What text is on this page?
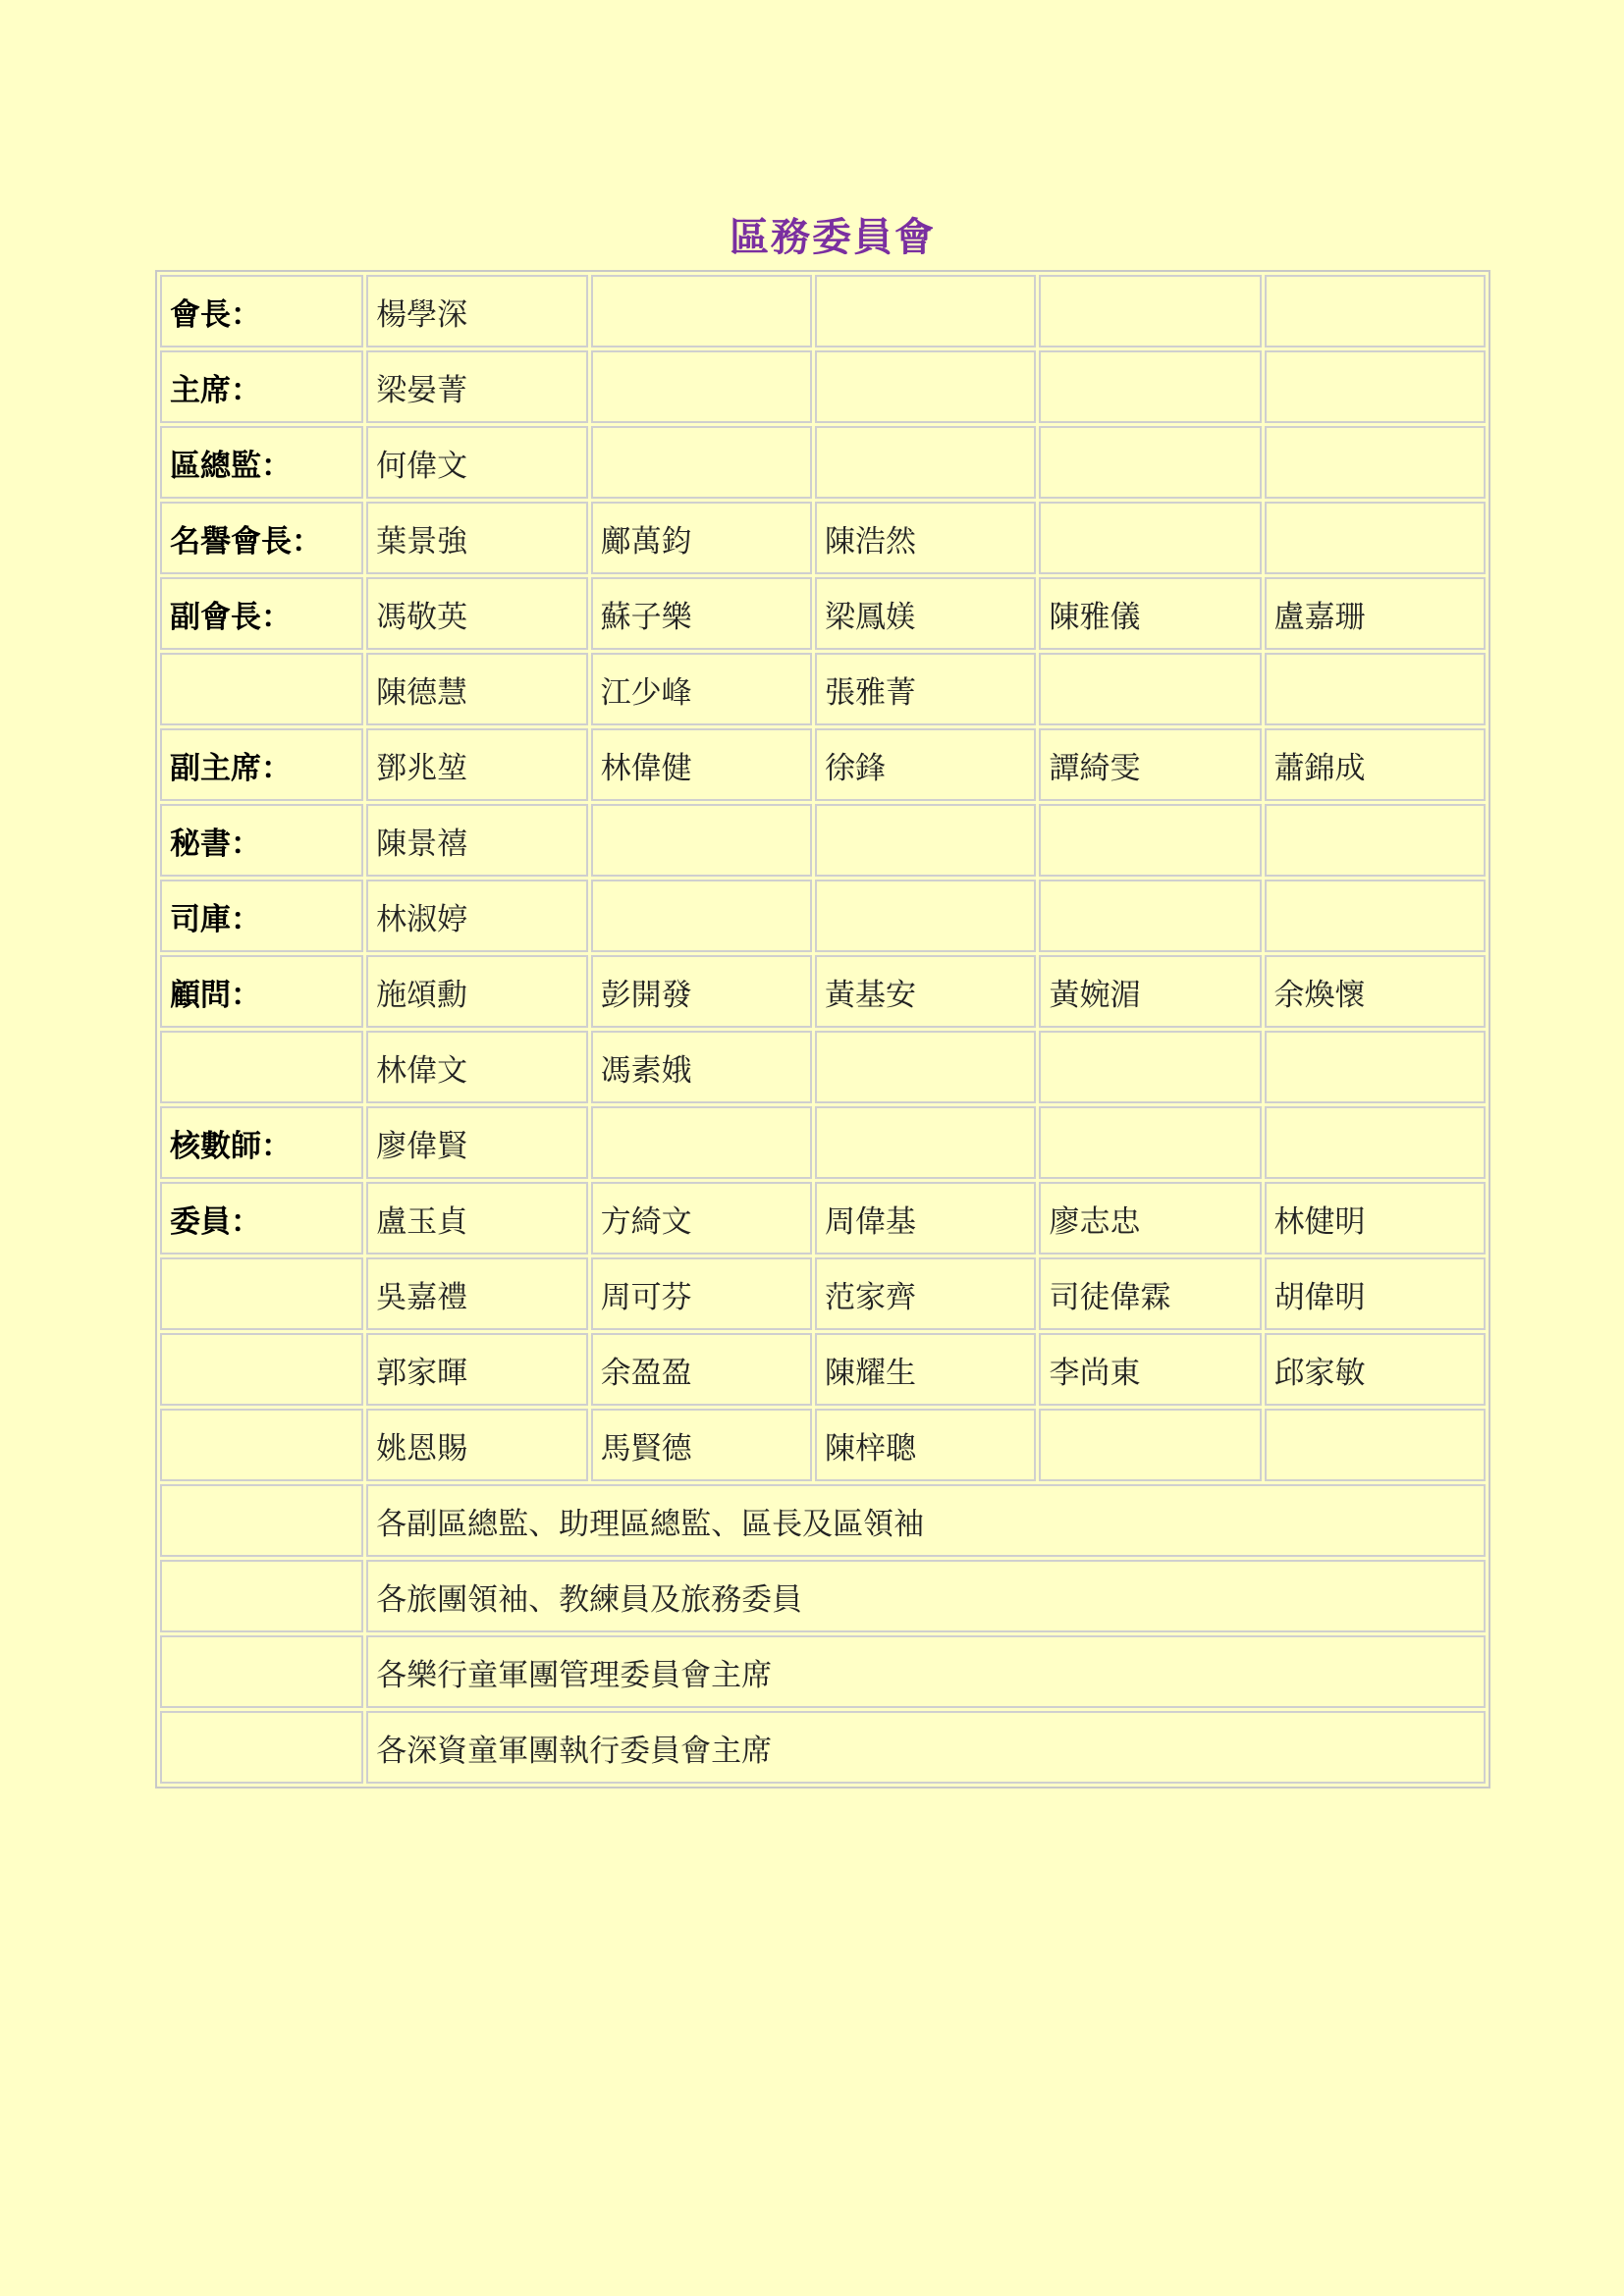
區務委員會
會長：	楊學深				
主席：	梁晏菁				
區總監：	何偉文				
名譽會長：	葉景強	鄺萬鈞	陳浩然		
副會長：	馮敬英	蘇子樂	梁鳳媄	陳雅儀	盧嘉珊
	陳德慧	江少峰	張雅菁		
副主席：	鄧兆堃	林偉健	徐鋒	譚綺雯	蕭錦成
秘書：	陳景禧				
司庫：	林淑婷				
顧問：	施頌勳	彭開發	黃基安	黃婉湄	余煥懷
	林偉文	馮素娥			
核數師：	廖偉賢				
委員：	盧玉貞	方綺文	周偉基	廖志忠	林健明
	吳嘉禮	周可芬	范家齊	司徒偉霖	胡偉明
	郭家暉	余盈盈	陳耀生	李尚東	邱家敏
	姚恩賜	馬賢德	陳梓聰		
	各副區總監、助理區總監、區長及區領袖				
	各旅團領袖、教練員及旅務委員				
	各樂行童軍團管理委員會主席				
	各深資童軍團執行委員會主席				
